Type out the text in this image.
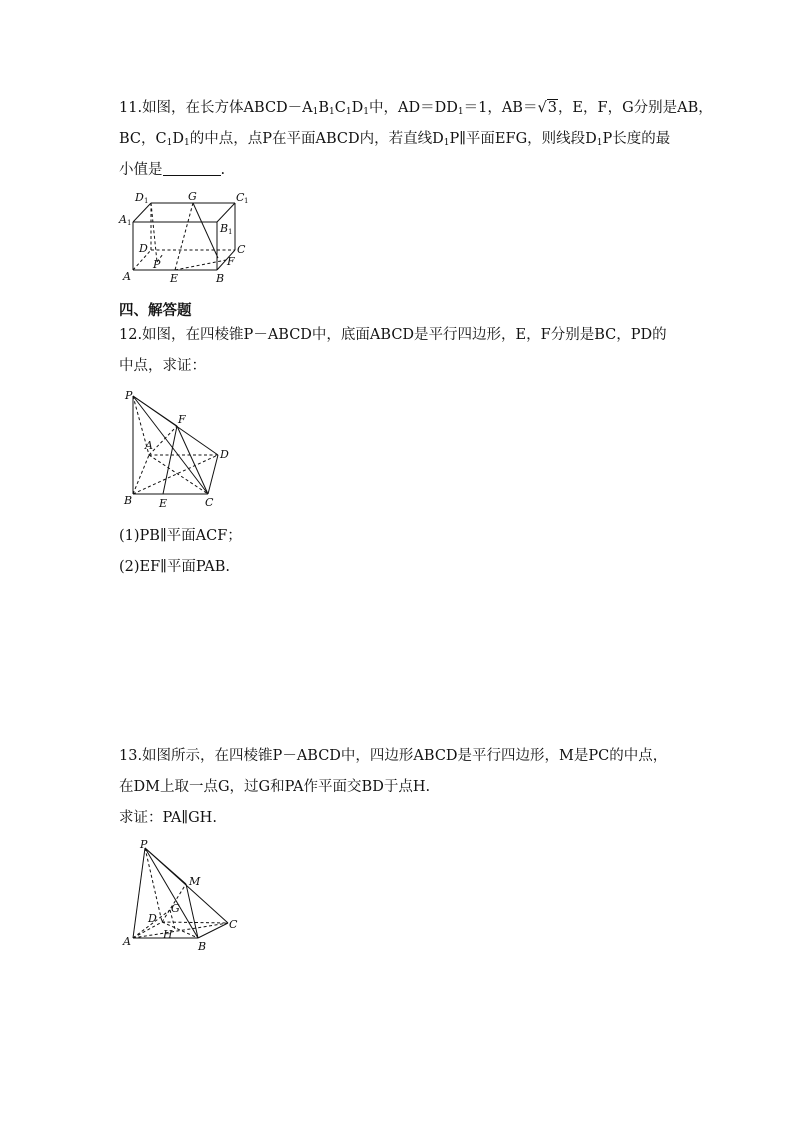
11.如图，在长方体$ABCD-A_1B_1C_1D_1$中，$AD=DD_1=1$，AB＝√3，E，F，G分别是AB，
BC，$C_1D_1$的中点，点P在平面ABCD内，若直线$D_1P\parallel$平面EFG，则线段$D_1P$长度的最
小值是	.
D 1	G	C 1
A 1	B 1
D	C
P	F
A	E	B
四、解答题
12.如图，在四棱锥P－ABCD中，底面ABCD是平行四边形，E，F分别是BC，PD的
中点，求证：
P
F
A
D
B E	C
(1)PB∥平面ACF；
(2)EF∥平面PAB.
13.如图所示，在四棱锥P－ABCD中，四边形ABCD是平行四边形，M是PC的中点，
在DM上取一点G，过G和PA作平面交BD于点H.
求证：PA∥GH.
P
M
G
D	C
H
A	B
